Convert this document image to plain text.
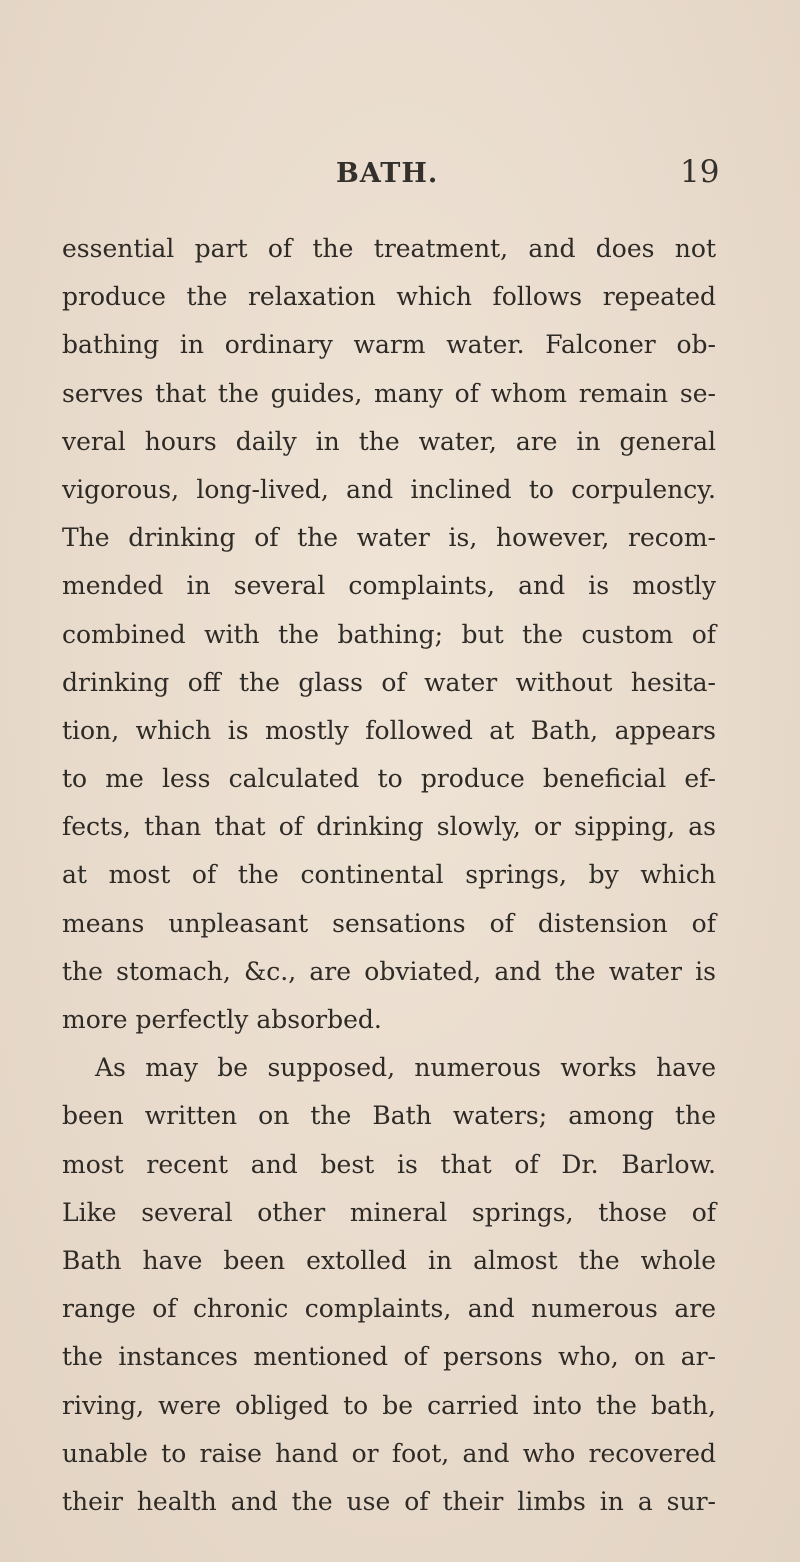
BATH.	19
essential part of the treatment, and does not
produce the relaxation which follows repeated
bathing in ordinary warm water. Falconer ob-
serves that the guides, many of whom remain se-
veral hours daily in the water, are in general
vigorous, long-lived, and inclined to corpulency.
The drinking of the water is, however, recom-
mended in several complaints, and is mostly
combined with the bathing; but the custom of
drinking off the glass of water without hesita-
tion, which is mostly followed at Bath, appears
to me less calculated to produce beneficial ef-
fects, than that of drinking slowly, or sipping, as
at most of the continental springs, by which
means unpleasant sensations of distension of
the stomach, &c., are obviated, and the water is
more perfectly absorbed.
As may be supposed, numerous works have
been written on the Bath waters; among the
most recent and best is that of Dr. Barlow.
Like several other mineral springs, those of
Bath have been extolled in almost the whole
range of chronic complaints, and numerous are
the instances mentioned of persons who, on ar-
riving, were obliged to be carried into the bath,
unable to raise hand or foot, and who recovered
their health and the use of their limbs in a sur-
